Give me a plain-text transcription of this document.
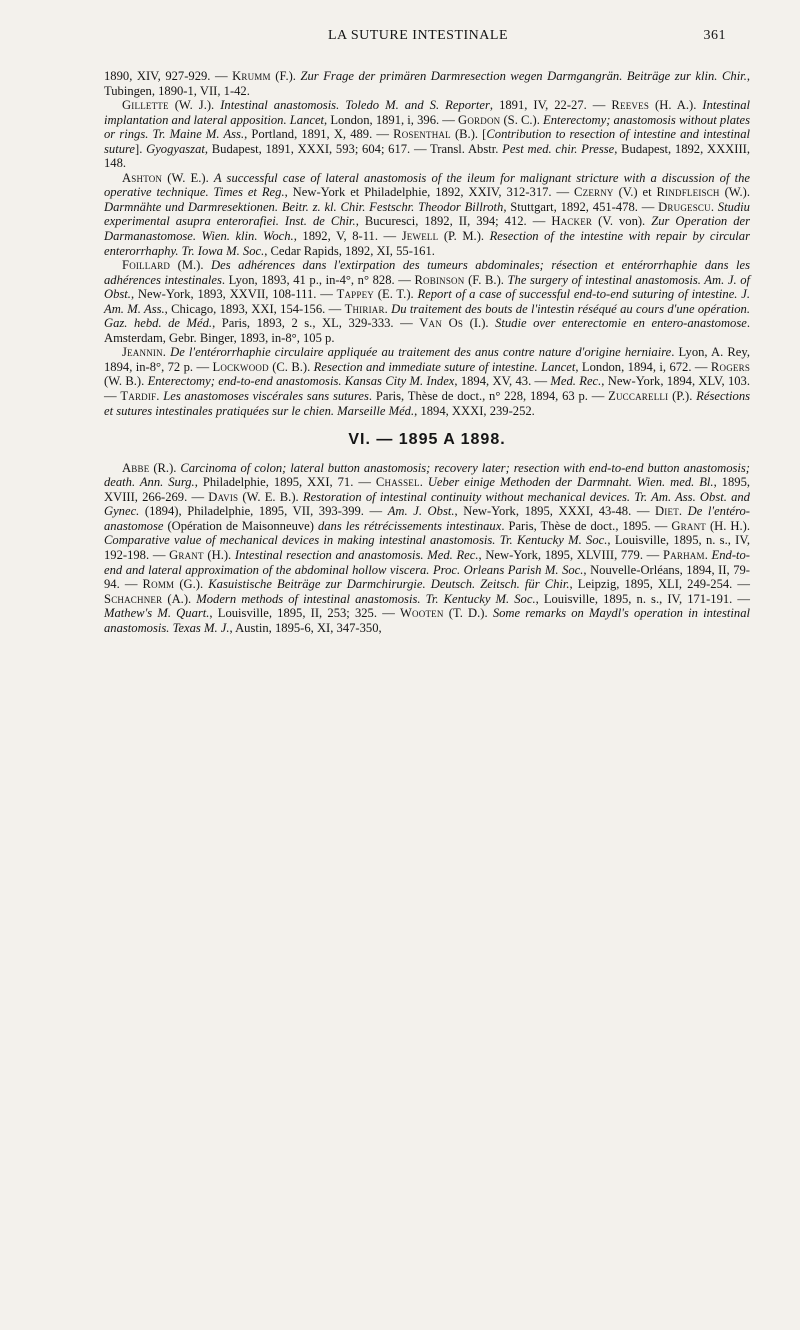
LA SUTURE INTESTINALE	361

1890, XIV, 927-929. — Krumm (F.). Zur Frage der primären Darmresection wegen Darmgangrän. Beiträge zur klin. Chir., Tubingen, 1890-1, VII, 1-42.

Gillette (W. J.). Intestinal anastomosis. Toledo M. and S. Reporter, 1891, IV, 22-27. — Reeves (H. A.). Intestinal implantation and lateral apposition. Lancet, London, 1891, i, 396. — Gordon (S. C.). Enterectomy; anastomosis without plates or rings. Tr. Maine M. Ass., Portland, 1891, X, 489. — Rosenthal (B.). [Contribution to resection of intestine and intestinal suture]. Gyogyaszat, Budapest, 1891, XXXI, 593; 604; 617. — Transl. Abstr. Pest med. chir. Presse, Budapest, 1892, XXXIII, 148.

Ashton (W. E.). A successful case of lateral anastomosis of the ileum for malignant stricture with a discussion of the operative technique. Times et Reg., New-York et Philadelphie, 1892, XXIV, 312-317. — Czerny (V.) et Rindfleisch (W.). Darmnähte und Darmresektionen. Beitr. z. kl. Chir. Festschr. Theodor Billroth, Stuttgart, 1892, 451-478. — Drugescu. Studiu experimental asupra enterorafiei. Inst. de Chir., Bucuresci, 1892, II, 394; 412. — Hacker (V. von). Zur Operation der Darmanastomose. Wien. klin. Woch., 1892, V, 8-11. — Jewell (P. M.). Resection of the intestine with repair by circular enterorrhaphy. Tr. Iowa M. Soc., Cedar Rapids, 1892, XI, 55-161.

Foillard (M.). Des adhérences dans l'extirpation des tumeurs abdominales; résection et entérorrhaphie dans les adhérences intestinales. Lyon, 1893, 41 p., in-4°, n° 828. — Robinson (F. B.). The surgery of intestinal anastomosis. Am. J. of Obst., New-York, 1893, XXVII, 108-111. — Tappey (E. T.). Report of a case of successful end-to-end suturing of intestine. J. Am. M. Ass., Chicago, 1893, XXI, 154-156. — Thiriar. Du traitement des bouts de l'intestin réséqué au cours d'une opération. Gaz. hebd. de Méd., Paris, 1893, 2 s., XL, 329-333. — Van Os (I.). Studie over enterectomie en entero-anastomose. Amsterdam, Gebr. Binger, 1893, in-8°, 105 p.

Jeannin. De l'entérorrhaphie circulaire appliquée au traitement des anus contre nature d'origine herniaire. Lyon, A. Rey, 1894, in-8°, 72 p. — Lockwood (C. B.). Resection and immediate suture of intestine. Lancet, London, 1894, i, 672. — Rogers (W. B.). Enterectomy; end-to-end anastomosis. Kansas City M. Index, 1894, XV, 43. — Med. Rec., New-York, 1894, XLV, 103. — Tardif. Les anastomoses viscérales sans sutures. Paris, Thèse de doct., n° 228, 1894, 63 p. — Zuccarelli (P.). Résections et sutures intestinales pratiquées sur le chien. Marseille Méd., 1894, XXXI, 239-252.

VI. — 1895 A 1898.

Abbe (R.). Carcinoma of colon; lateral button anastomosis; recovery later; resection with end-to-end button anastomosis; death. Ann. Surg., Philadelphie, 1895, XXI, 71. — Chassel. Ueber einige Methoden der Darmnaht. Wien. med. Bl., 1895, XVIII, 266-269. — Davis (W. E. B.). Restoration of intestinal continuity without mechanical devices. Tr. Am. Ass. Obst. and Gynec. (1894), Philadelphie, 1895, VII, 393-399. — Am. J. Obst., New-York, 1895, XXXI, 43-48. — Diet. De l'entéro-anastomose (Opération de Maisonneuve) dans les rétrécissements intestinaux. Paris, Thèse de doct., 1895. — Grant (H. H.). Comparative value of mechanical devices in making intestinal anastomosis. Tr. Kentucky M. Soc., Louisville, 1895, n. s., IV, 192-198. — Grant (H.). Intestinal resection and anastomosis. Med. Rec., New-York, 1895, XLVIII, 779. — Parham. End-to-end and lateral approximation of the abdominal hollow viscera. Proc. Orleans Parish M. Soc., Nouvelle-Orléans, 1894, II, 79-94. — Romm (G.). Kasuistische Beiträge zur Darmchirurgie. Deutsch. Zeitsch. für Chir., Leipzig, 1895, XLI, 249-254. — Schachner (A.). Modern methods of intestinal anastomosis. Tr. Kentucky M. Soc., Louisville, 1895, n. s., IV, 171-191. — Mathew's M. Quart., Louisville, 1895, II, 253; 325. — Wooten (T. D.). Some remarks on Maydl's operation in intestinal anastomosis. Texas M. J., Austin, 1895-6, XI, 347-350,
